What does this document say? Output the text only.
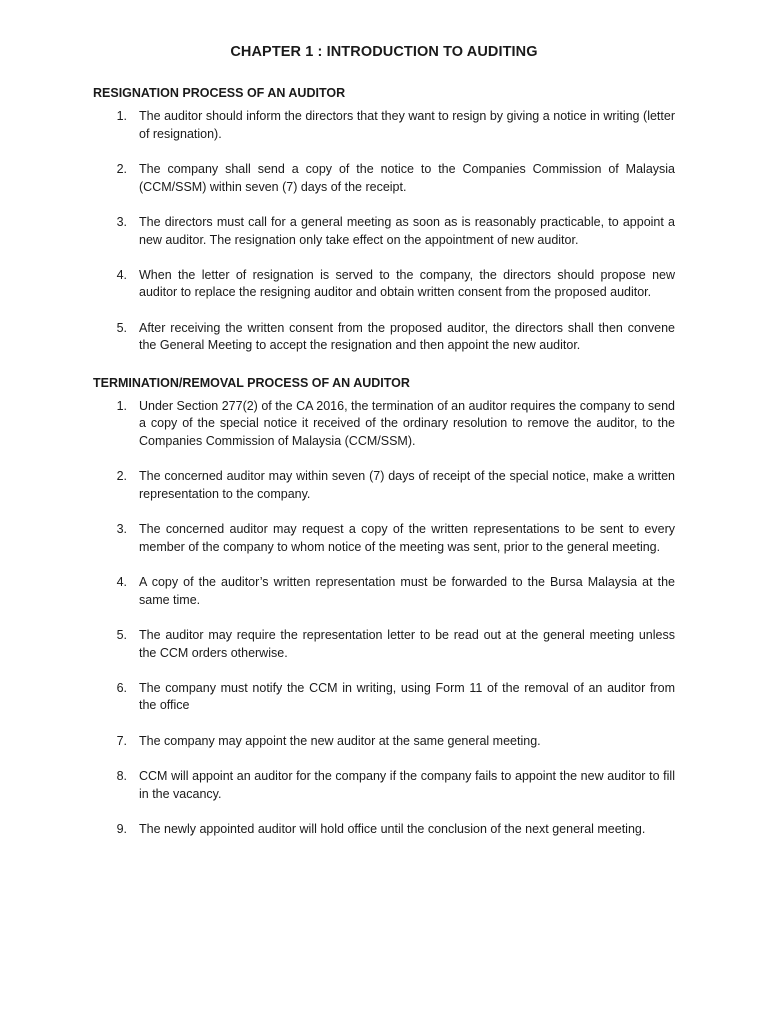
CHAPTER 1 : INTRODUCTION TO AUDITING
RESIGNATION PROCESS OF AN AUDITOR
1. The auditor should inform the directors that they want to resign by giving a notice in writing (letter of resignation).
2. The company shall send a copy of the notice to the Companies Commission of Malaysia (CCM/SSM) within seven (7) days of the receipt.
3. The directors must call for a general meeting as soon as is reasonably practicable, to appoint a new auditor. The resignation only take effect on the appointment of new auditor.
4. When the letter of resignation is served to the company, the directors should propose new auditor to replace the resigning auditor and obtain written consent from the proposed auditor.
5. After receiving the written consent from the proposed auditor, the directors shall then convene the General Meeting to accept the resignation and then appoint the new auditor.
TERMINATION/REMOVAL PROCESS OF AN AUDITOR
1. Under Section 277(2) of the CA 2016, the termination of an auditor requires the company to send a copy of the special notice it received of the ordinary resolution to remove the auditor, to the Companies Commission of Malaysia (CCM/SSM).
2. The concerned auditor may within seven (7) days of receipt of the special notice, make a written representation to the company.
3. The concerned auditor may request a copy of the written representations to be sent to every member of the company to whom notice of the meeting was sent, prior to the general meeting.
4. A copy of the auditor’s written representation must be forwarded to the Bursa Malaysia at the same time.
5. The auditor may require the representation letter to be read out at the general meeting unless the CCM orders otherwise.
6. The company must notify the CCM in writing, using Form 11 of the removal of an auditor from the office
7. The company may appoint the new auditor at the same general meeting.
8. CCM will appoint an auditor for the company if the company fails to appoint the new auditor to fill in the vacancy.
9. The newly appointed auditor will hold office until the conclusion of the next general meeting.
